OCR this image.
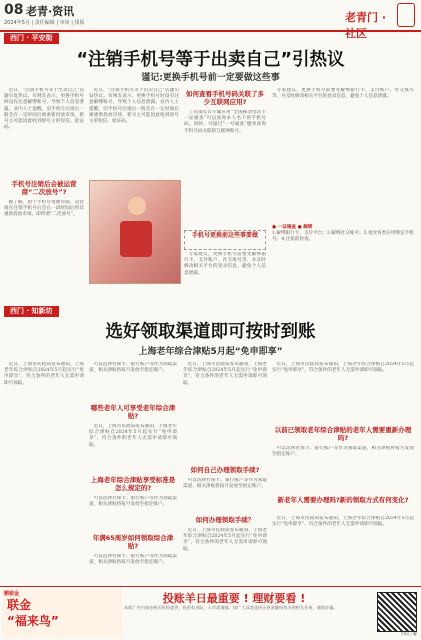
08 老青·资讯
2024年5月 | 责任编辑 | 审读 | 排版	老青门 · 社区
西门 · 平安街
“注销手机号等于出卖自己”引热议
谨记:更换手机号前一定要做这些事

近日，“注销手机号等于出卖自己”话题引发热议。有网友表示，更换手机号时没有注意解绑账号，导致个人信息泄露。业内人士提醒，旧手机号注销后一般会在一定时间后被重新投放市场，新号主可能因此收到原号主的短信、验证码。

手机号注销后会被运营商“二次放号”?

据了解，由于手机号资源有限，运营商在注销手机号后会在一段时间后将其重新投放市场，即所谓“二次放号”。

近日，“注销手机号等于出卖自己”话题引发热议。有网友表示，更换手机号时没有注意解绑账号，导致个人信息泄露。业内人士提醒，旧手机号注销后一般会在一定时间后被重新投放市场，新号主可能因此收到原号主的短信、验证码。

如何查看手机号码关联了多少互联网应用?

工信部反诈专属应用“全国移动电话卡一证通查”可以查询本人名下的手机号码。同时，可通过“一号通查”服务查询手机号码关联的互联网账号。

手机号更换前这些事要做

专家建议，更换手机号前要先解绑银行卡、支付账户、社交账号等，并及时修改相关平台的登录信息，避免个人信息泄露。

专家建议，更换手机号前要先解绑银行卡、支付账户、社交账号等，并及时修改相关平台的登录信息，避免个人信息泄露。

● 一证通查 ● 解绑
1.解绑银行卡、支付平台；2.解绑社交账号；3.更改各类应用绑定手机号；4.注销前检查。
西门 · 知新坊
选好领取渠道即可按时到账
上海老年综合津贴5月起“免申即享”

近日，上海市民政局发布通知，上海老年综合津贴自2024年5月起实行“免申即享”，符合条件的老年人无需申请即可领取。

可以选择社保卡、银行账户等作为领取渠道，相关津贴将按月发放至指定账户。

哪些老年人可享受老年综合津贴?

近日，上海市民政局发布通知，上海老年综合津贴自2024年5月起实行“免申即享”，符合条件的老年人无需申请即可领取。

上海老年综合津贴享受标准是怎么规定的?

可以选择社保卡、银行账户等作为领取渠道，相关津贴将按月发放至指定账户。

年满65周岁如何领取综合津贴?

可以选择社保卡、银行账户等作为领取渠道，相关津贴将按月发放至指定账户。

近日，上海市民政局发布通知，上海老年综合津贴自2024年5月起实行“免申即享”，符合条件的老年人无需申请即可领取。

如何自己办理领取手续?

可以选择社保卡、银行账户等作为领取渠道，相关津贴将按月发放至指定账户。

如何办理领取手续？

近日，上海市民政局发布通知，上海老年综合津贴自2024年5月起实行“免申即享”，符合条件的老年人无需申请即可领取。

近日，上海市民政局发布通知，上海老年综合津贴自2024年5月起实行“免申即享”，符合条件的老年人无需申请即可领取。

以前已领取老年综合津贴的老年人需要重新办理吗?

可以选择社保卡、银行账户等作为领取渠道，相关津贴将按月发放至指定账户。

新老年人需要办理吗?新的领取方式有何变化?

近日，上海市民政局发布通知，上海老年综合津贴自2024年5月起实行“免申即享”，符合条件的老年人无需申请即可领取。

鹅银金
联金
“福来鸟”
投账羊日最重要 ! 理财要看 !
本版广告内容由相关机构提供，投资有风险，入市需谨慎。请广大读者选择正规金融机构办理相关业务，谨防诈骗。
扫码了解
